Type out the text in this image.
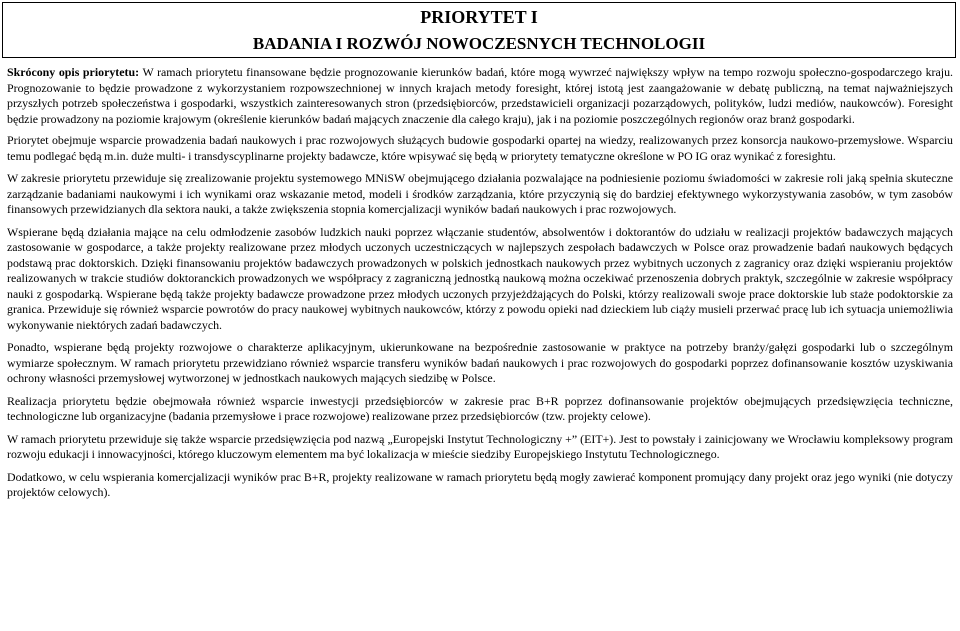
PRIORYTET I
BADANIA I ROZWÓJ NOWOCZESNYCH TECHNOLOGII

Skrócony opis priorytetu: W ramach priorytetu finansowane będzie prognozowanie kierunków badań, które mogą wywrzeć największy wpływ na tempo rozwoju społeczno-gospodarczego kraju. Prognozowanie to będzie prowadzone z wykorzystaniem rozpowszechnionej w innych krajach metody foresight, której istotą jest zaangażowanie w debatę publiczną, na temat najważniejszych przyszłych potrzeb społeczeństwa i gospodarki, wszystkich zainteresowanych stron (przedsiębiorców, przedstawicieli organizacji pozarządowych, polityków, ludzi mediów, naukowców). Foresight będzie prowadzony na poziomie krajowym (określenie kierunków badań mających znaczenie dla całego kraju), jak i na poziomie poszczególnych regionów oraz branż gospodarki.

Priorytet obejmuje wsparcie prowadzenia badań naukowych i prac rozwojowych służących budowie gospodarki opartej na wiedzy, realizowanych przez konsorcja naukowo-przemysłowe. Wsparciu temu podlegać będą m.in. duże multi- i transdyscyplinarne projekty badawcze, które wpisywać się będą w priorytety tematyczne określone w PO IG oraz wynikać z foresightu.

W zakresie priorytetu przewiduje się zrealizowanie projektu systemowego MNiSW obejmującego działania pozwalające na podniesienie poziomu świadomości w zakresie roli jaką spełnia skuteczne zarządzanie badaniami naukowymi i ich wynikami oraz wskazanie metod, modeli i środków zarządzania, które przyczynią się do bardziej efektywnego wykorzystywania zasobów, w tym zasobów finansowych przewidzianych dla sektora nauki, a także zwiększenia stopnia komercjalizacji wyników badań naukowych i prac rozwojowych.

Wspierane będą działania mające na celu odmłodzenie zasobów ludzkich nauki poprzez włączanie studentów, absolwentów i doktorantów do udziału w realizacji projektów badawczych mających zastosowanie w gospodarce, a także projekty realizowane przez młodych uczonych uczestniczących w najlepszych zespołach badawczych w Polsce oraz prowadzenie badań naukowych będących podstawą prac doktorskich. Dzięki finansowaniu projektów badawczych prowadzonych w polskich jednostkach naukowych przez wybitnych uczonych z zagranicy oraz dzięki wspieraniu projektów realizowanych w trakcie studiów doktoranckich prowadzonych we współpracy z zagraniczną jednostką naukową można oczekiwać przenoszenia dobrych praktyk, szczególnie w zakresie współpracy nauki z gospodarką. Wspierane będą także projekty badawcze prowadzone przez młodych uczonych przyjeżdżających do Polski, którzy realizowali swoje prace doktorskie lub staże podoktorskie za granica. Przewiduje się również wsparcie powrotów do pracy naukowej wybitnych naukowców, którzy z powodu opieki nad dzieckiem lub ciąży musieli przerwać pracę lub ich sytuacja uniemożliwia wykonywanie niektórych zadań badawczych.

Ponadto, wspierane będą projekty rozwojowe o charakterze aplikacyjnym, ukierunkowane na bezpośrednie zastosowanie w praktyce na potrzeby branży/gałęzi gospodarki lub o szczególnym wymiarze społecznym. W ramach priorytetu przewidziano również wsparcie transferu wyników badań naukowych i prac rozwojowych do gospodarki poprzez dofinansowanie kosztów uzyskiwania ochrony własności przemysłowej wytworzonej w jednostkach naukowych mających siedzibę w Polsce.

Realizacja priorytetu będzie obejmowała również wsparcie inwestycji przedsiębiorców w zakresie prac B+R poprzez dofinansowanie projektów obejmujących przedsięwzięcia techniczne, technologiczne lub organizacyjne (badania przemysłowe i prace rozwojowe) realizowane przez przedsiębiorców (tzw. projekty celowe).

W ramach priorytetu przewiduje się także wsparcie przedsięwzięcia pod nazwą „Europejski Instytut Technologiczny +” (EIT+). Jest to powstały i zainicjowany we Wrocławiu kompleksowy program rozwoju edukacji i innowacyjności, którego kluczowym elementem ma być lokalizacja w mieście siedziby Europejskiego Instytutu Technologicznego.

Dodatkowo, w celu wspierania komercjalizacji wyników prac B+R, projekty realizowane w ramach priorytetu będą mogły zawierać komponent promujący dany projekt oraz jego wyniki (nie dotyczy projektów celowych).
